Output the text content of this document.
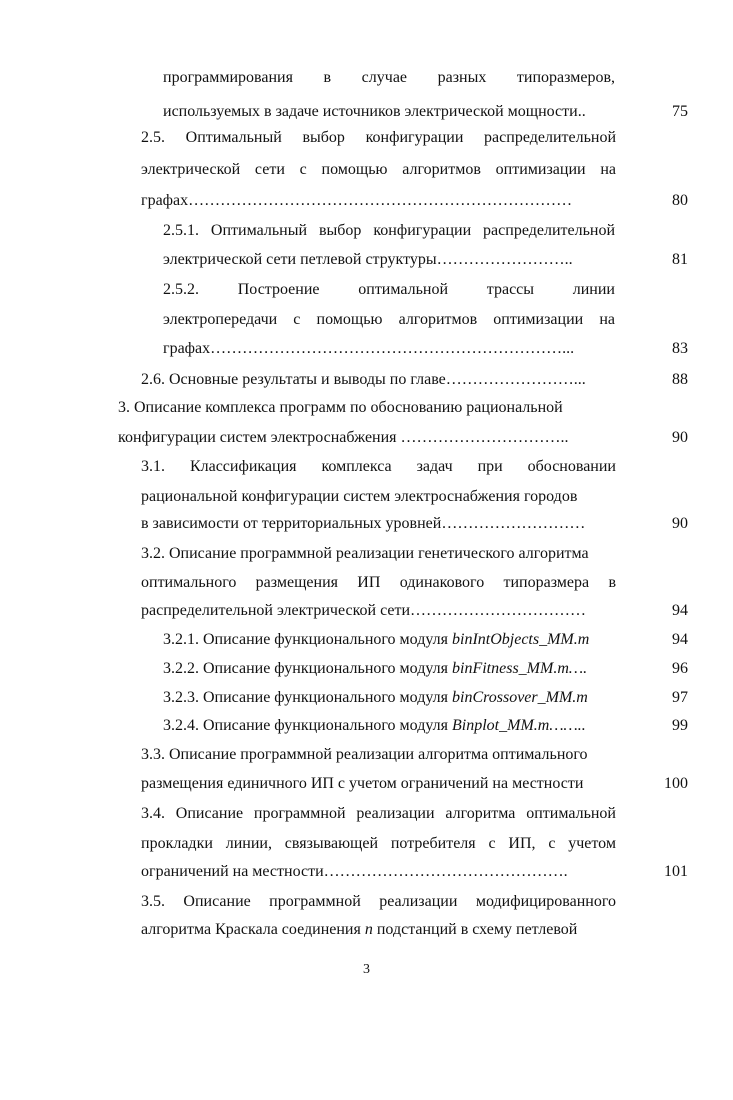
программирования в случае разных типоразмеров,
используемых в задаче источников электрической мощности..	75
2.5. Оптимальный выбор конфигурации распределительной
электрической сети с помощью алгоритмов оптимизации на
графах………………………………………………………………	80
2.5.1. Оптимальный выбор конфигурации распределительной
электрической сети петлевой структуры……………………..	81
2.5.2. Построение оптимальной трассы линии
электропередачи с помощью алгоритмов оптимизации на
графах…………………………………………………………...	83
2.6. Основные результаты и выводы по главе……………………...	88
3. Описание комплекса программ по обоснованию рациональной
конфигурации систем электроснабжения …………………………..	90
3.1. Классификация комплекса задач при обосновании
рациональной конфигурации систем электроснабжения городов
в зависимости от территориальных уровней………………………	90
3.2. Описание программной реализации генетического алгоритма
оптимального размещения ИП одинакового типоразмера в
распределительной электрической сети……………………………	94
3.2.1. Описание функционального модуля binIntObjects_MM.m	94
3.2.2. Описание функционального модуля binFitness_MM.m….	96
3.2.3. Описание функционального модуля binCrossover_MM.m	97
3.2.4. Описание функционального модуля Binplot_MM.m……..	99
3.3. Описание программной реализации алгоритма оптимального
размещения единичного ИП с учетом ограничений на местности	100
3.4. Описание программной реализации алгоритма оптимальной
прокладки линии, связывающей потребителя с ИП, с учетом
ограничений на местности……………………………………….	101
3.5. Описание программной реализации модифицированного
алгоритма Краскала соединения n подстанций в схему петлевой
3
